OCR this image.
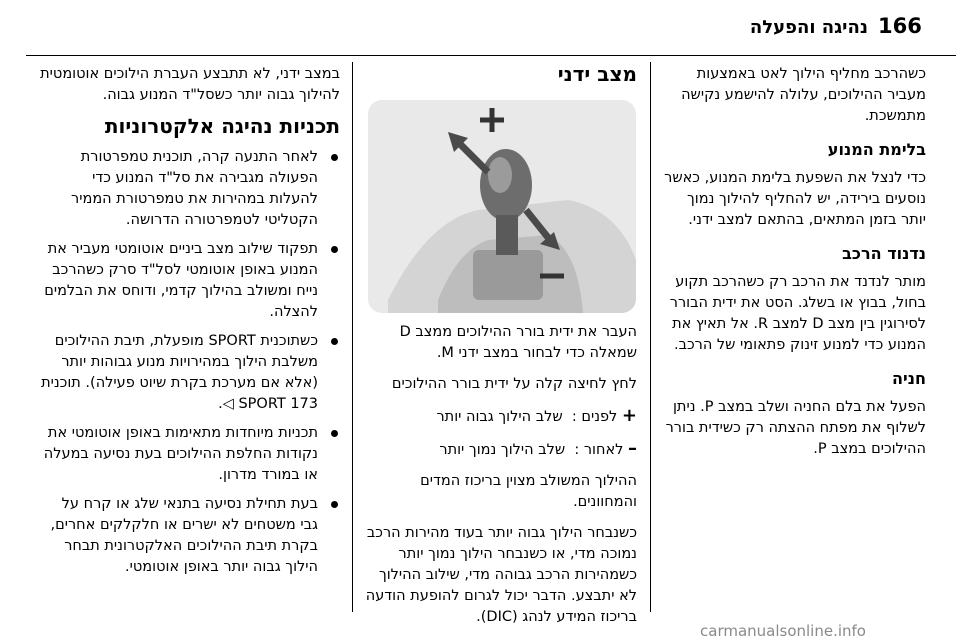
166
נהיגה והפעלה

כשהרכב מחליף הילוך לאט באמצעות מעביר ההילוכים, עלולה להישמע נקישה מתמשכת.

בלימת המנוע

כדי לנצל את השפעת בלימת המנוע, כאשר נוסעים בירידה, יש להחליף להילוך נמוך יותר בזמן המתאים, בהתאם למצב ידני.

נדנוד הרכב

מותר לנדנד את הרכב רק כשהרכב תקוע בחול, בבוץ או בשלג. הסט את ידית הבורר לסירוגין בין מצב D למצב R. אל תאיץ את המנוע כדי למנוע זינוק פתאומי של הרכב.

חניה

הפעל את בלם החניה ושלב במצב P. ניתן לשלוף את מפתח ההצתה רק כשידית בורר ההילוכים במצב P.

מצב ידני

העבר את ידית בורר ההילוכים ממצב D שמאלה כדי לבחור במצב ידני M.

לחץ לחיצה קלה על ידית בורר ההילוכים

+ לפנים :  שלב הילוך גבוה יותר
– לאחור :  שלב הילוך נמוך יותר

ההילוך המשולב מצוין בריכוז המדים והמחוונים.

כשנבחר הילוך גבוה יותר בעוד מהירות הרכב נמוכה מדי, או כשנבחר הילוך נמוך יותר כשמהירות הרכב גבוהה מדי, שילוב ההילוך לא יתבצע. הדבר יכול לגרום להופעת הודעה בריכוז המידע לנהג (DIC).

במצב ידני, לא תתבצע העברת הילוכים אוטומטית להילוך גבוה יותר כשסל"ד המנוע גבוה.

תכניות נהיגה אלקטרוניות
לאחר התנעה קרה, תוכנית טמפרטורת הפעולה מגבירה את סל"ד המנוע כדי להעלות במהירות את טמפרטורת הממיר הקטליטי לטמפרטורה הדרושה.
תפקוד שילוב מצב ביניים אוטומטי מעביר את המנוע באופן אוטומטי לסל"ד סרק כשהרכב נייח ומשולב בהילוך קדמי, ודוחס את הבלמים להצלה.
כשתוכנית SPORT מופעלת, תיבת ההילוכים משלבת הילוך במהירויות מנוע גבוהות יותר (אלא אם מערכת בקרת שיוט פעילה). תוכנית SPORT 173 ◁.
תכניות מיוחדות מתאימות באופן אוטומטי את נקודות החלפת ההילוכים בעת נסיעה במעלה או במורד מדרון.
בעת תחילת נסיעה בתנאי שלג או קרח על גבי משטחים לא ישרים או חלקלקים אחרים, בקרת תיבת ההילוכים האלקטרונית תבחר הילוך גבוה יותר באופן אוטומטי.
carmanualsonline.info
